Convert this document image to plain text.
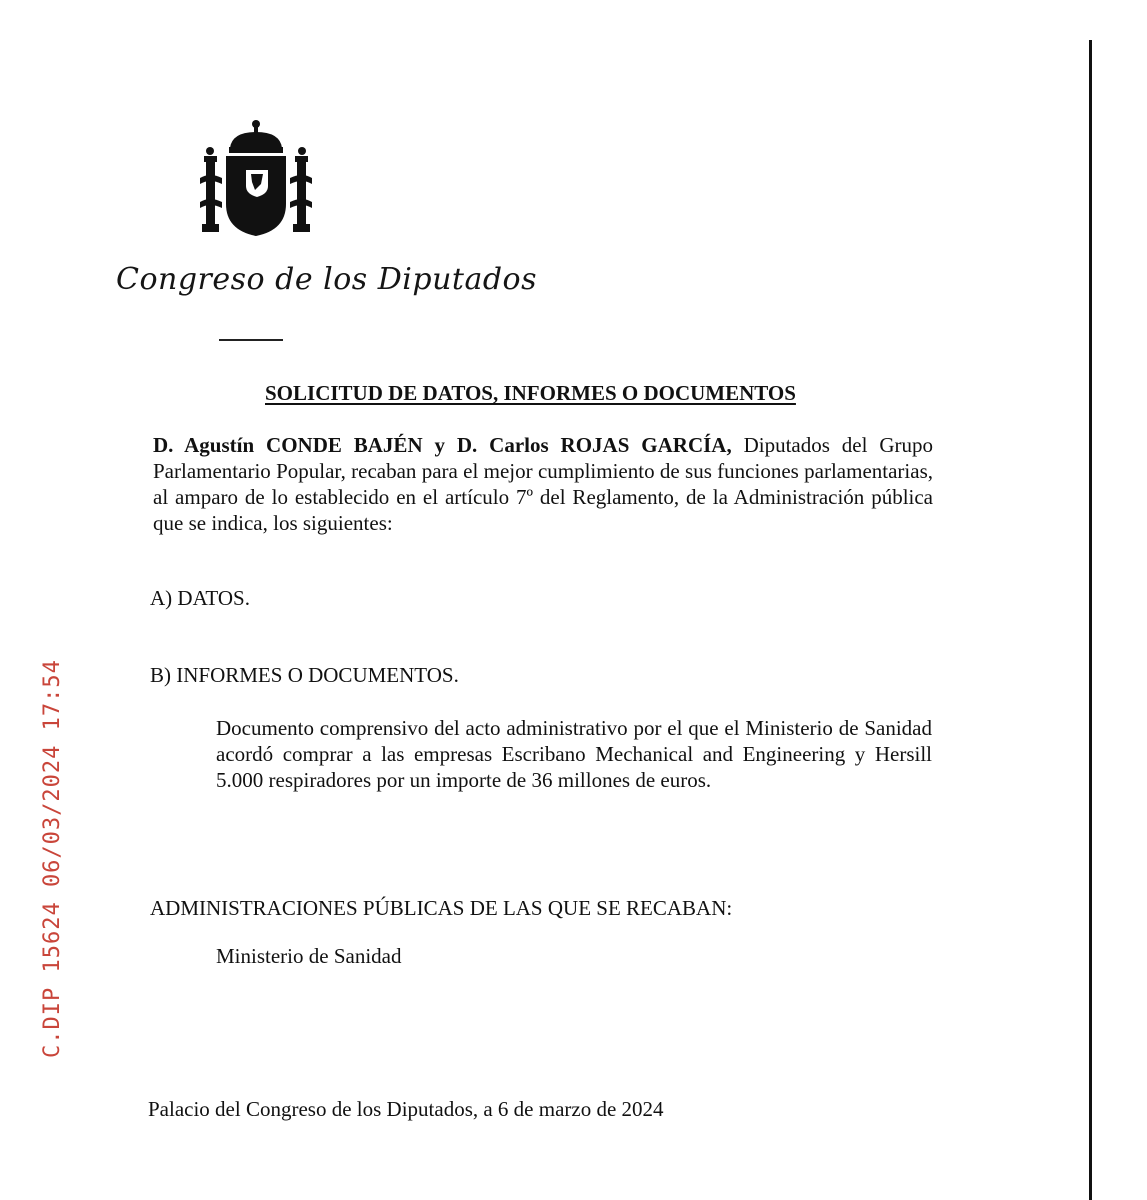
Congreso de los Diputados
SOLICITUD DE DATOS, INFORMES O DOCUMENTOS
D. Agustín CONDE BAJÉN y D. Carlos ROJAS GARCÍA, Diputados del Grupo Parlamentario Popular, recaban para el mejor cumplimiento de sus funciones parlamentarias, al amparo de lo establecido en el artículo 7º del Reglamento, de la Administración pública que se indica, los siguientes:
A) DATOS.
B) INFORMES O DOCUMENTOS.
Documento comprensivo del acto administrativo por el que el Ministerio de Sanidad acordó comprar a las empresas Escribano Mechanical and Engineering y Hersill 5.000 respiradores por un importe de 36 millones de euros.
ADMINISTRACIONES PÚBLICAS DE LAS QUE SE RECABAN:
Ministerio de Sanidad
Palacio del Congreso de los Diputados, a 6 de marzo de 2024
C.DIP 15624 06/03/2024 17:54
